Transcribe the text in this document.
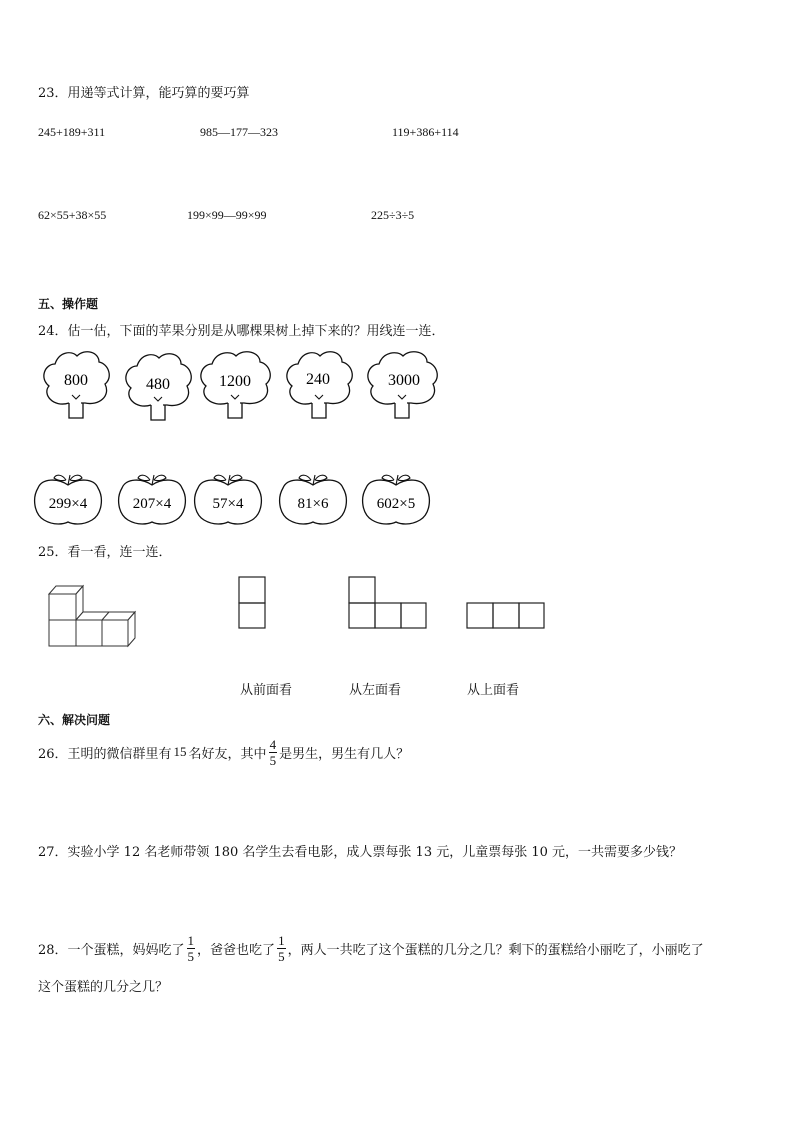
23．用递等式计算，能巧算的要巧算
245+189+311	985—177—323	119+386+114
62×55+38×55	199×99—99×99	225÷3÷5
五、操作题
24．估一估，下面的苹果分别是从哪棵果树上掉下来的？用线连一连．
800	480	1200	240	3000
299×4	207×4	57×4	81×6	602×5
25．看一看，连一连．
从前面看	从左面看	从上面看
六、解决问题
26．王明的微信群里有 15 名好友，其中 $\frac{4}{5}$ 是男生，男生有几人？
27．实验小学 12 名老师带领 180 名学生去看电影，成人票每张 13 元，儿童票每张 10 元，一共需要多少钱？
28．一个蛋糕，妈妈吃了 $\frac{1}{5}$ ，爸爸也吃了 $\frac{1}{5}$ ，两人一共吃了这个蛋糕的几分之几？剩下的蛋糕给小丽吃了，小丽吃了
这个蛋糕的几分之几？
